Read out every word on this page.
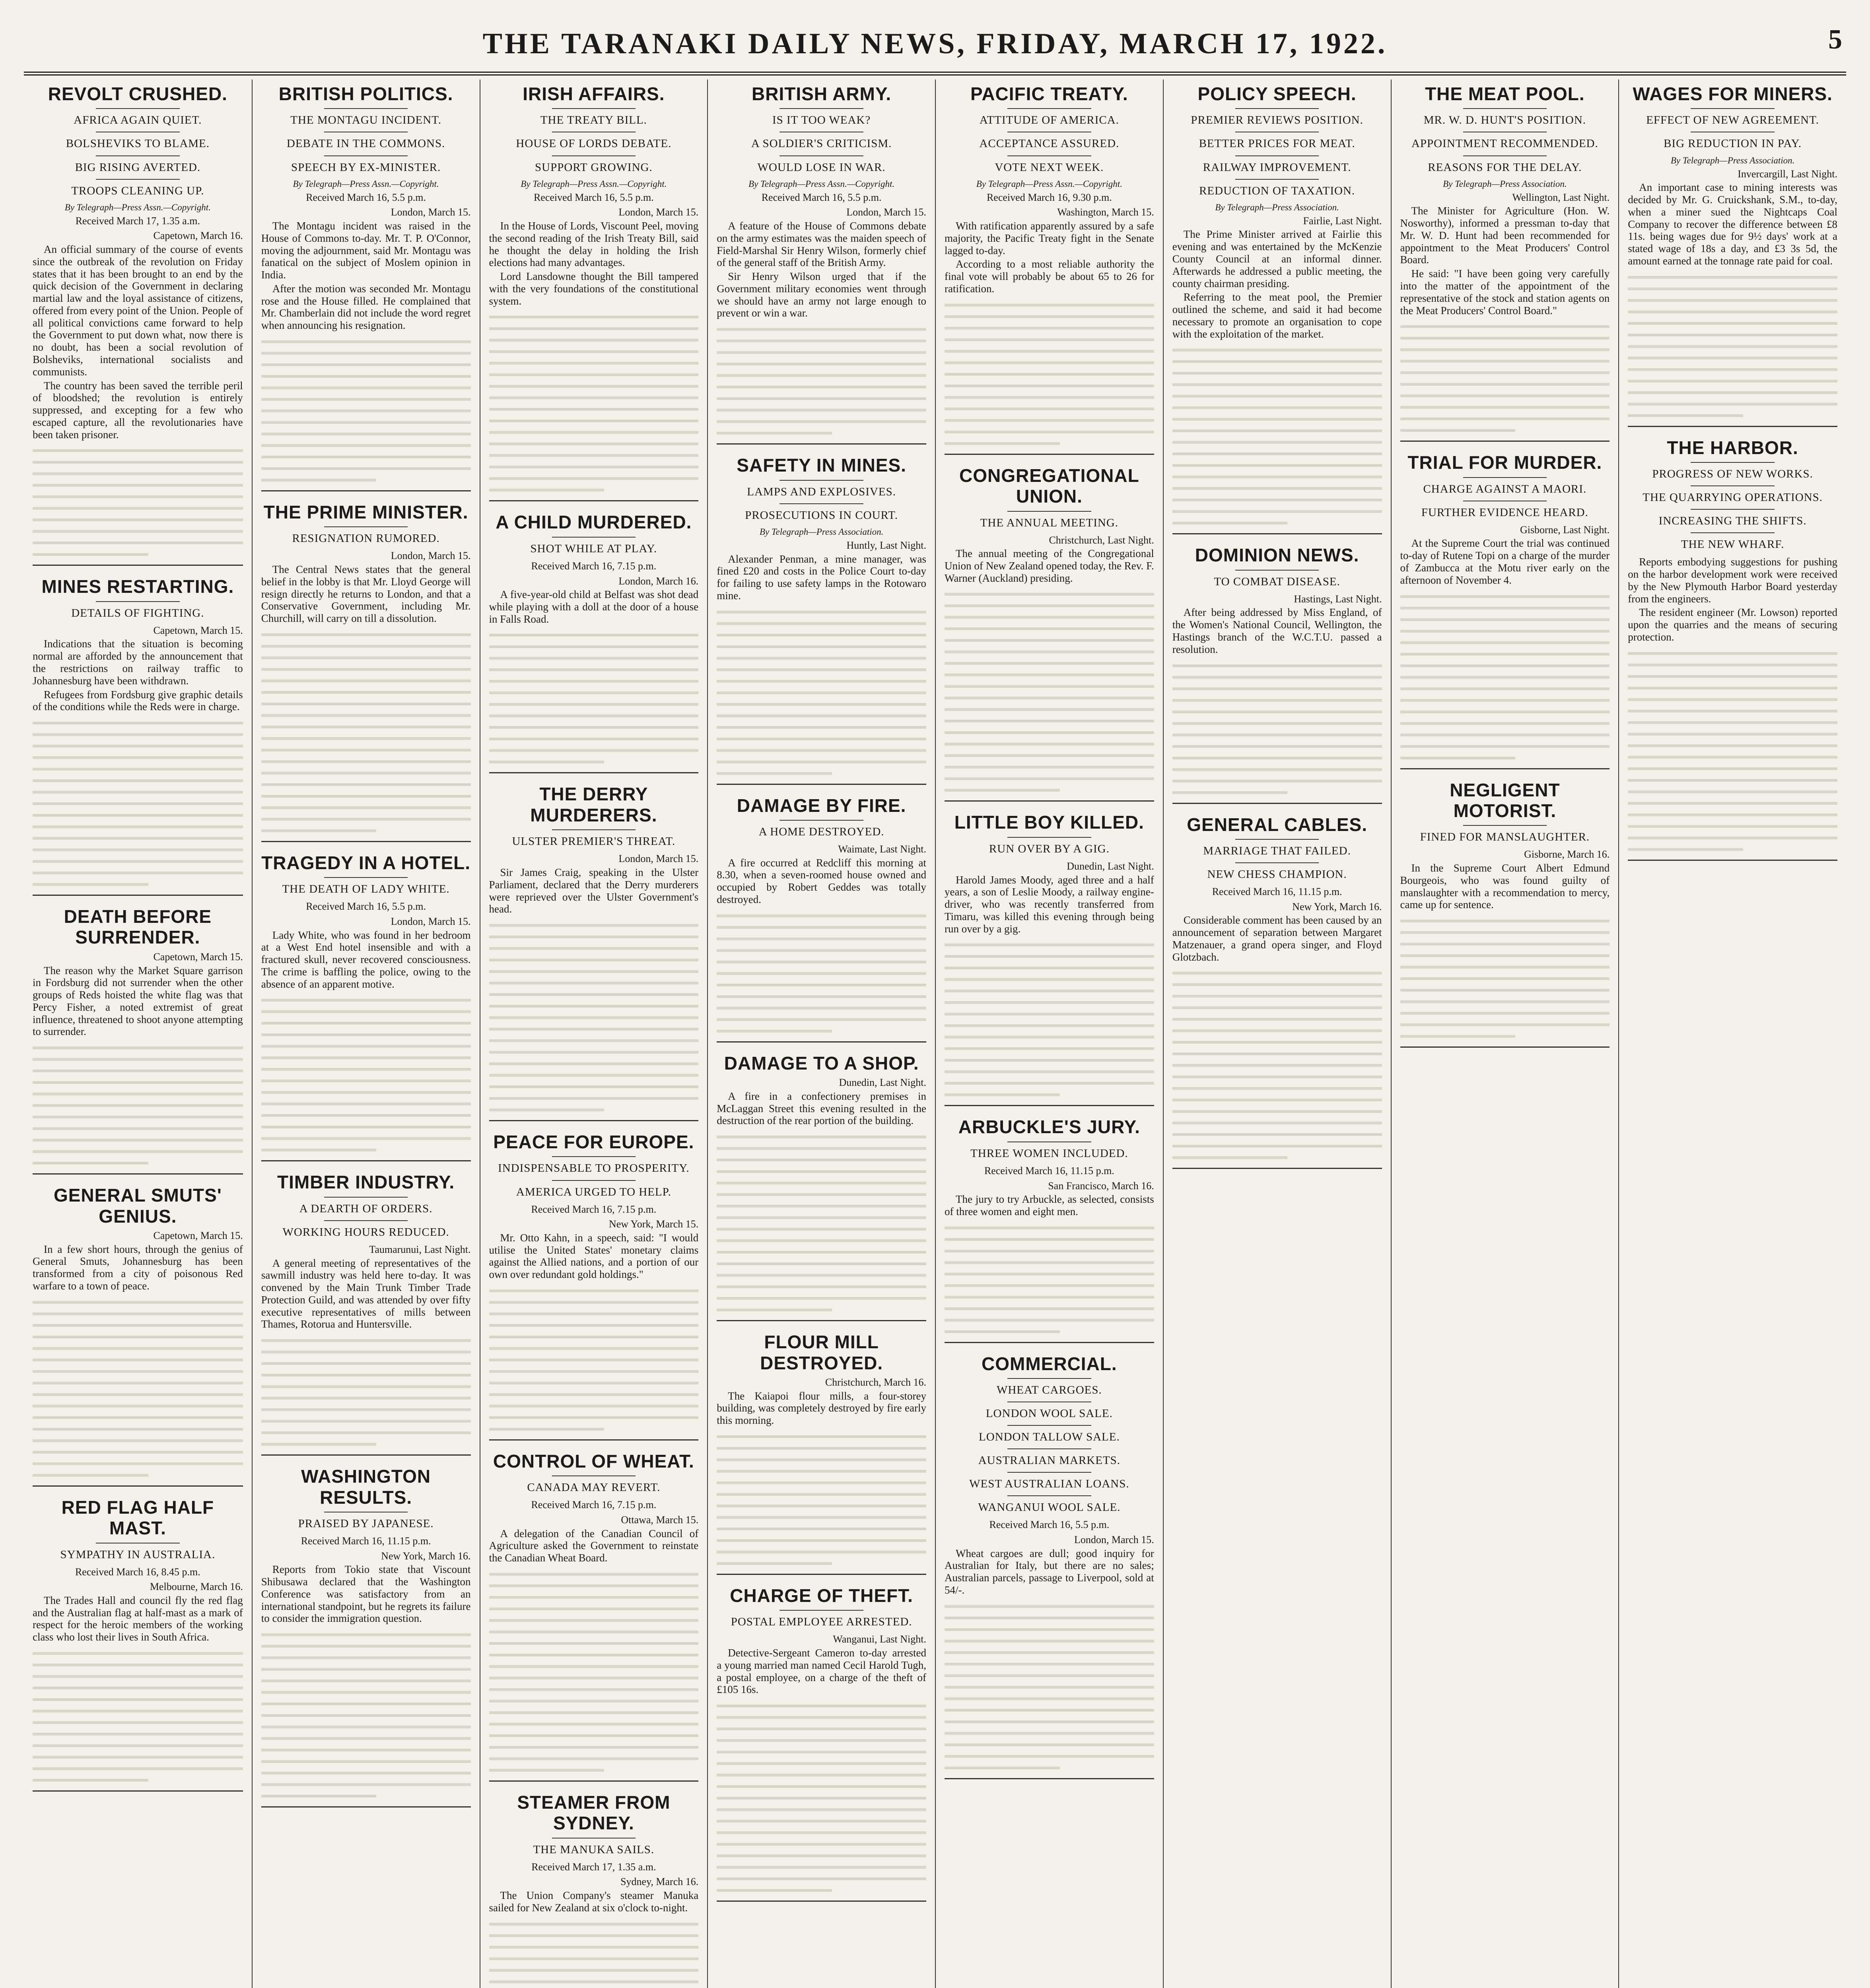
THE TARANAKI DAILY NEWS, FRIDAY, MARCH 17, 1922.	5
REVOLT CRUSHED.
AFRICA AGAIN QUIET.
BOLSHEVIKS TO BLAME.
BIG RISING AVERTED.
TROOPS CLEANING UP.
By Telegraph—Press Assn.—Copyright.
Received March 17, 1.35 a.m.
Capetown, March 16.

An official summary of the course of events since the outbreak of the revolution on Friday states that it has been brought to an end by the quick decision of the Government in declaring martial law and the loyal assistance of citizens, offered from every point of the Union. People of all political convictions came forward to help the Government to put down what, now there is no doubt, has been a social revolution of Bolsheviks, international socialists and communists.

The country has been saved the terrible peril of bloodshed; the revolution is entirely suppressed, and excepting for a few who escaped capture, all the revolutionaries have been taken prisoner.

MINES RESTARTING.
DETAILS OF FIGHTING.
Capetown, March 15.

Indications that the situation is becoming normal are afforded by the announcement that the restrictions on railway traffic to Johannesburg have been withdrawn.

Refugees from Fordsburg give graphic details of the conditions while the Reds were in charge.

DEATH BEFORE SURRENDER.
Capetown, March 15.

The reason why the Market Square garrison in Fordsburg did not surrender when the other groups of Reds hoisted the white flag was that Percy Fisher, a noted extremist of great influence, threatened to shoot anyone attempting to surrender.

GENERAL SMUTS' GENIUS.
Capetown, March 15.

In a few short hours, through the genius of General Smuts, Johannesburg has been transformed from a city of poisonous Red warfare to a town of peace.

RED FLAG HALF MAST.
SYMPATHY IN AUSTRALIA.
Received March 16, 8.45 p.m.
Melbourne, March 16.

The Trades Hall and council fly the red flag and the Australian flag at half-mast as a mark of respect for the heroic members of the working class who lost their lives in South Africa.

BRITISH POLITICS.
THE MONTAGU INCIDENT.
DEBATE IN THE COMMONS.
SPEECH BY EX-MINISTER.
By Telegraph—Press Assn.—Copyright.
Received March 16, 5.5 p.m.
London, March 15.

The Montagu incident was raised in the House of Commons to-day. Mr. T. P. O'Connor, moving the adjournment, said Mr. Montagu was fanatical on the subject of Moslem opinion in India.

After the motion was seconded Mr. Montagu rose and the House filled. He complained that Mr. Chamberlain did not include the word regret when announcing his resignation.

THE PRIME MINISTER.
RESIGNATION RUMORED.
London, March 15.

The Central News states that the general belief in the lobby is that Mr. Lloyd George will resign directly he returns to London, and that a Conservative Government, including Mr. Churchill, will carry on till a dissolution.

TRAGEDY IN A HOTEL.
THE DEATH OF LADY WHITE.
Received March 16, 5.5 p.m.
London, March 15.

Lady White, who was found in her bedroom at a West End hotel insensible and with a fractured skull, never recovered consciousness. The crime is baffling the police, owing to the absence of an apparent motive.

TIMBER INDUSTRY.
A DEARTH OF ORDERS.
WORKING HOURS REDUCED.
Taumarunui, Last Night.

A general meeting of representatives of the sawmill industry was held here to-day. It was convened by the Main Trunk Timber Trade Protection Guild, and was attended by over fifty executive representatives of mills between Thames, Rotorua and Huntersville.

WASHINGTON RESULTS.
PRAISED BY JAPANESE.
Received March 16, 11.15 p.m.
New York, March 16.

Reports from Tokio state that Viscount Shibusawa declared that the Washington Conference was satisfactory from an international standpoint, but he regrets its failure to consider the immigration question.

IRISH AFFAIRS.
THE TREATY BILL.
HOUSE OF LORDS DEBATE.
SUPPORT GROWING.
By Telegraph—Press Assn.—Copyright.
Received March 16, 5.5 p.m.
London, March 15.

In the House of Lords, Viscount Peel, moving the second reading of the Irish Treaty Bill, said he thought the delay in holding the Irish elections had many advantages.

Lord Lansdowne thought the Bill tampered with the very foundations of the constitutional system.

A CHILD MURDERED.
SHOT WHILE AT PLAY.
Received March 16, 7.15 p.m.
London, March 16.

A five-year-old child at Belfast was shot dead while playing with a doll at the door of a house in Falls Road.

THE DERRY MURDERERS.
ULSTER PREMIER'S THREAT.
London, March 15.

Sir James Craig, speaking in the Ulster Parliament, declared that the Derry murderers were reprieved over the Ulster Government's head.

PEACE FOR EUROPE.
INDISPENSABLE TO PROSPERITY.
AMERICA URGED TO HELP.
Received March 16, 7.15 p.m.
New York, March 15.

Mr. Otto Kahn, in a speech, said: "I would utilise the United States' monetary claims against the Allied nations, and a portion of our own over redundant gold holdings."

CONTROL OF WHEAT.
CANADA MAY REVERT.
Received March 16, 7.15 p.m.
Ottawa, March 15.

A delegation of the Canadian Council of Agriculture asked the Government to reinstate the Canadian Wheat Board.

STEAMER FROM SYDNEY.
THE MANUKA SAILS.
Received March 17, 1.35 a.m.
Sydney, March 16.

The Union Company's steamer Manuka sailed for New Zealand at six o'clock to-night.

BRITISH ARMY.
IS IT TOO WEAK?
A SOLDIER'S CRITICISM.
WOULD LOSE IN WAR.
By Telegraph—Press Assn.—Copyright.
Received March 16, 5.5 p.m.
London, March 15.

A feature of the House of Commons debate on the army estimates was the maiden speech of Field-Marshal Sir Henry Wilson, formerly chief of the general staff of the British Army.

Sir Henry Wilson urged that if the Government military economies went through we should have an army not large enough to prevent or win a war.

SAFETY IN MINES.
LAMPS AND EXPLOSIVES.
PROSECUTIONS IN COURT.
By Telegraph—Press Association.
Huntly, Last Night.

Alexander Penman, a mine manager, was fined £20 and costs in the Police Court to-day for failing to use safety lamps in the Rotowaro mine.

DAMAGE BY FIRE.
A HOME DESTROYED.
Waimate, Last Night.

A fire occurred at Redcliff this morning at 8.30, when a seven-roomed house owned and occupied by Robert Geddes was totally destroyed.

DAMAGE TO A SHOP.
Dunedin, Last Night.

A fire in a confectionery premises in McLaggan Street this evening resulted in the destruction of the rear portion of the building.

FLOUR MILL DESTROYED.
Christchurch, March 16.

The Kaiapoi flour mills, a four-storey building, was completely destroyed by fire early this morning.

CHARGE OF THEFT.
POSTAL EMPLOYEE ARRESTED.
Wanganui, Last Night.

Detective-Sergeant Cameron to-day arrested a young married man named Cecil Harold Tugh, a postal employee, on a charge of the theft of £105 16s.

PACIFIC TREATY.
ATTITUDE OF AMERICA.
ACCEPTANCE ASSURED.
VOTE NEXT WEEK.
By Telegraph—Press Assn.—Copyright.
Received March 16, 9.30 p.m.
Washington, March 15.

With ratification apparently assured by a safe majority, the Pacific Treaty fight in the Senate lagged to-day.

According to a most reliable authority the final vote will probably be about 65 to 26 for ratification.

CONGREGATIONAL UNION.
THE ANNUAL MEETING.
Christchurch, Last Night.

The annual meeting of the Congregational Union of New Zealand opened today, the Rev. F. Warner (Auckland) presiding.

LITTLE BOY KILLED.
RUN OVER BY A GIG.
Dunedin, Last Night.

Harold James Moody, aged three and a half years, a son of Leslie Moody, a railway engine-driver, who was recently transferred from Timaru, was killed this evening through being run over by a gig.

ARBUCKLE'S JURY.
THREE WOMEN INCLUDED.
Received March 16, 11.15 p.m.
San Francisco, March 16.

The jury to try Arbuckle, as selected, consists of three women and eight men.

COMMERCIAL.
WHEAT CARGOES.
LONDON WOOL SALE.
LONDON TALLOW SALE.
AUSTRALIAN MARKETS.
WEST AUSTRALIAN LOANS.
WANGANUI WOOL SALE.
Received March 16, 5.5 p.m.
London, March 15.

Wheat cargoes are dull; good inquiry for Australian for Italy, but there are no sales; Australian parcels, passage to Liverpool, sold at 54/-.

POLICY SPEECH.
PREMIER REVIEWS POSITION.
BETTER PRICES FOR MEAT.
RAILWAY IMPROVEMENT.
REDUCTION OF TAXATION.
By Telegraph—Press Association.
Fairlie, Last Night.

The Prime Minister arrived at Fairlie this evening and was entertained by the McKenzie County Council at an informal dinner. Afterwards he addressed a public meeting, the county chairman presiding.

Referring to the meat pool, the Premier outlined the scheme, and said it had become necessary to promote an organisation to cope with the exploitation of the market.

DOMINION NEWS.
TO COMBAT DISEASE.
Hastings, Last Night.

After being addressed by Miss England, of the Women's National Council, Wellington, the Hastings branch of the W.C.T.U. passed a resolution.

GENERAL CABLES.
MARRIAGE THAT FAILED.
NEW CHESS CHAMPION.
Received March 16, 11.15 p.m.
New York, March 16.

Considerable comment has been caused by an announcement of separation between Margaret Matzenauer, a grand opera singer, and Floyd Glotzbach.

THE MEAT POOL.
MR. W. D. HUNT'S POSITION.
APPOINTMENT RECOMMENDED.
REASONS FOR THE DELAY.
By Telegraph—Press Association.
Wellington, Last Night.

The Minister for Agriculture (Hon. W. Nosworthy), informed a pressman to-day that Mr. W. D. Hunt had been recommended for appointment to the Meat Producers' Control Board.

He said: "I have been going very carefully into the matter of the appointment of the representative of the stock and station agents on the Meat Producers' Control Board."

TRIAL FOR MURDER.
CHARGE AGAINST A MAORI.
FURTHER EVIDENCE HEARD.
Gisborne, Last Night.

At the Supreme Court the trial was continued to-day of Rutene Topi on a charge of the murder of Zambucca at the Motu river early on the afternoon of November 4.

NEGLIGENT MOTORIST.
FINED FOR MANSLAUGHTER.
Gisborne, March 16.

In the Supreme Court Albert Edmund Bourgeois, who was found guilty of manslaughter with a recommendation to mercy, came up for sentence.

WAGES FOR MINERS.
EFFECT OF NEW AGREEMENT.
BIG REDUCTION IN PAY.
By Telegraph—Press Association.
Invercargill, Last Night.

An important case to mining interests was decided by Mr. G. Cruickshank, S.M., to-day, when a miner sued the Nightcaps Coal Company to recover the difference between £8 11s. being wages due for 9½ days' work at a stated wage of 18s a day, and £3 3s 5d, the amount earned at the tonnage rate paid for coal.

THE HARBOR.
PROGRESS OF NEW WORKS.
THE QUARRYING OPERATIONS.
INCREASING THE SHIFTS.
THE NEW WHARF.

Reports embodying suggestions for pushing on the harbor development work were received by the New Plymouth Harbor Board yesterday from the engineers.

The resident engineer (Mr. Lowson) reported upon the quarries and the means of securing protection.
